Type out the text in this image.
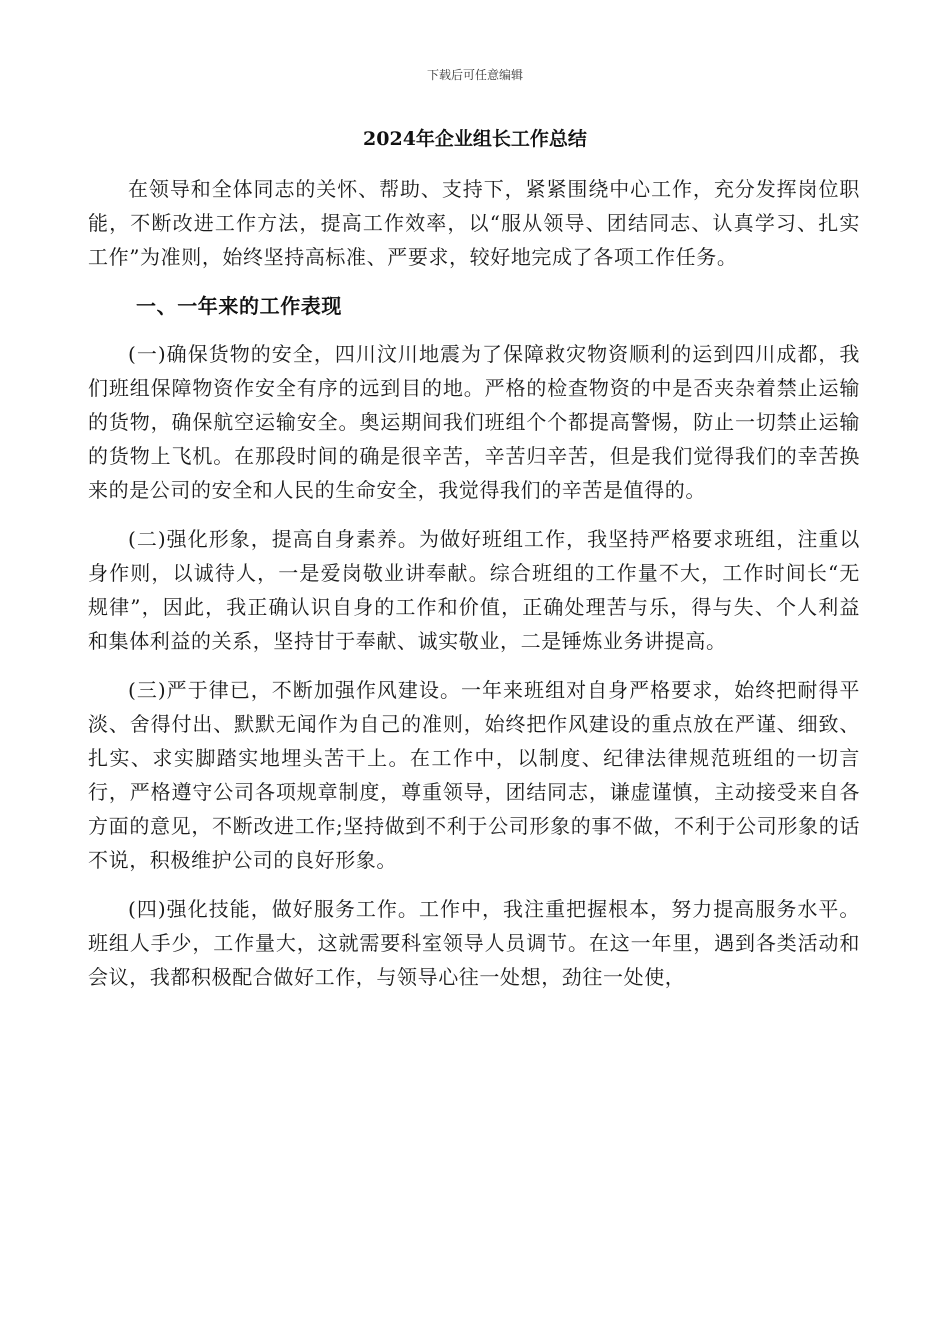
下载后可任意编辑
2024年企业组长工作总结

在领导和全体同志的关怀、帮助、支持下，紧紧围绕中心工作，充分发挥岗位职能，不断改进工作方法，提高工作效率，以“服从领导、团结同志、认真学习、扎实工作”为准则，始终坚持高标准、严要求，较好地完成了各项工作任务。

一、一年来的工作表现

(一)确保货物的安全，四川汶川地震为了保障救灾物资顺利的运到四川成都，我们班组保障物资作安全有序的远到目的地。严格的检查物资的中是否夹杂着禁止运输的货物，确保航空运输安全。奥运期间我们班组个个都提高警惕，防止一切禁止运输的货物上飞机。在那段时间的确是很辛苦，辛苦归辛苦，但是我们觉得我们的幸苦换来的是公司的安全和人民的生命安全，我觉得我们的辛苦是值得的。

(二)强化形象，提高自身素养。为做好班组工作，我坚持严格要求班组，注重以身作则，以诚待人，一是爱岗敬业讲奉献。综合班组的工作量不大，工作时间长“无规律”，因此，我正确认识自身的工作和价值，正确处理苦与乐，得与失、个人利益和集体利益的关系，坚持甘于奉献、诚实敬业，二是锤炼业务讲提高。

(三)严于律已，不断加强作风建设。一年来班组对自身严格要求，始终把耐得平淡、舍得付出、默默无闻作为自己的准则，始终把作风建设的重点放在严谨、细致、扎实、求实脚踏实地埋头苦干上。在工作中，以制度、纪律法律规范班组的一切言行，严格遵守公司各项规章制度，尊重领导，团结同志，谦虚谨慎，主动接受来自各方面的意见，不断改进工作;坚持做到不利于公司形象的事不做，不利于公司形象的话不说，积极维护公司的良好形象。

(四)强化技能，做好服务工作。工作中，我注重把握根本，努力提高服务水平。班组人手少，工作量大，这就需要科室领导人员调节。在这一年里，遇到各类活动和会议，我都积极配合做好工作，与领导心往一处想，劲往一处使，
